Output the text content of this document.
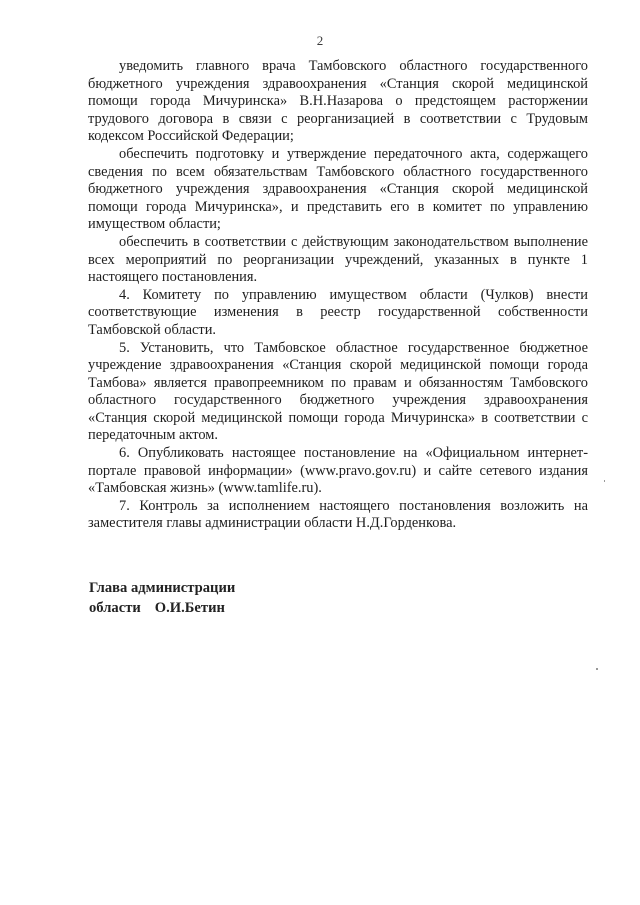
2

уведомить главного врача Тамбовского областного государственного бюджетного учреждения здравоохранения «Станция скорой медицинской помощи города Мичуринска» В.Н.Назарова о предстоящем расторжении трудового договора в связи с реорганизацией в соответствии с Трудовым кодексом Российской Федерации;

обеспечить подготовку и утверждение передаточного акта, содержащего сведения по всем обязательствам Тамбовского областного государственного бюджетного учреждения здравоохранения «Станция скорой медицинской помощи города Мичуринска», и представить его в комитет по управлению имуществом области;

обеспечить в соответствии с действующим законодательством выполнение всех мероприятий по реорганизации учреждений, указанных в пункте 1 настоящего постановления.

4. Комитету по управлению имуществом области (Чулков) внести соответствующие изменения в реестр государственной собственности Тамбовской области.

5. Установить, что Тамбовское областное государственное бюджетное учреждение здравоохранения «Станция скорой медицинской помощи города Тамбова» является правопреемником по правам и обязанностям Тамбовского областного государственного бюджетного учреждения здравоохранения «Станция скорой медицинской помощи города Мичуринска» в соответствии с передаточным актом.

6. Опубликовать настоящее постановление на «Официальном интернет-портале правовой информации» (www.pravo.gov.ru) и сайте сетевого издания «Тамбовская жизнь» (www.tamlife.ru).

7. Контроль за исполнением настоящего постановления возложить на заместителя главы администрации области Н.Д.Горденкова.

Глава администрации
области О.И.Бетин
